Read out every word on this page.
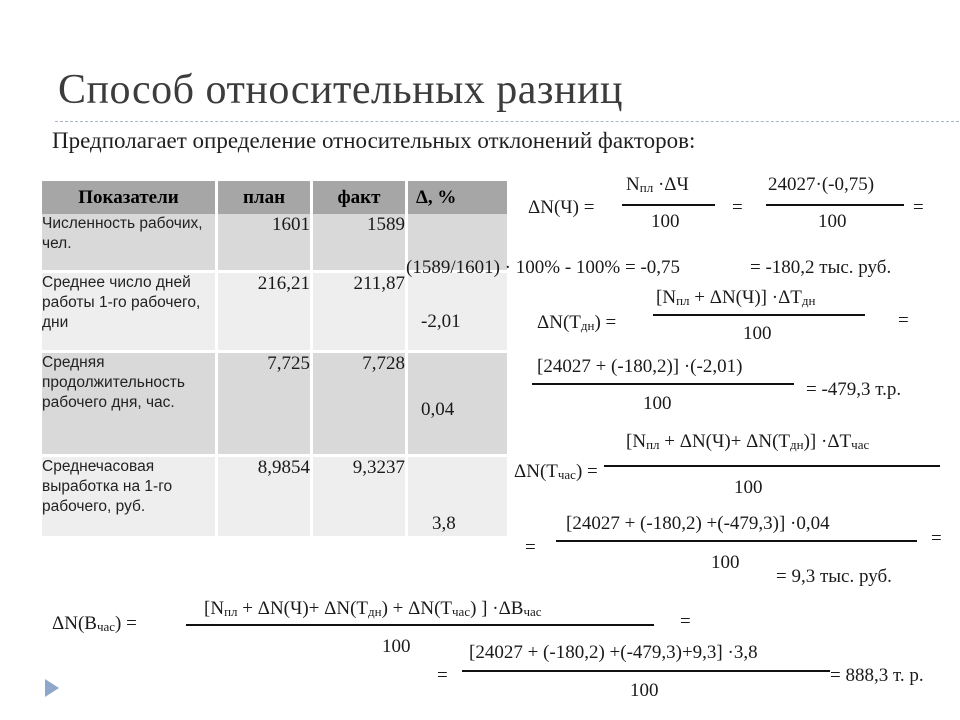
Способ относительных разниц
Предполагает определение относительных отклонений факторов:
Показатели	план	факт	Δ, %
Численность рабочих, чел.	1601	1589	
Среднее число дней работы 1-го рабочего, дни	216,21	211,87	-2,01

Средняя продолжительность рабочего дня, час.	7,725	7,728	0,04

Среднечасовая выработка на 1-го рабочего, руб.	8,9854	9,3237	3,8
(1589/1601) · 100% - 100% = -0,75
ΔN(Ч) =
$N_{пл} \cdot\Delta Ч$
100
=
24027·(-0,75)
100
=
= -180,2 тыс. руб.
$\Delta N(Т_{дн})$ =
$[N_{пл} + \Delta N(Ч)] \cdot\Delta Т_{дн}$
100
=
[24027 + (-180,2)] ·(-2,01)
100
= -479,3 т.р.
$\Delta N(Т_{час})$ =
$[N_{пл} + \Delta N(Ч)+ \Delta N(Т_{дн})] \cdot\Delta Т_{час}$
100
=
[24027 + (-180,2) +(-479,3)] ·0,04
100
=
= 9,3 тыс. руб.
$\Delta N(В_{час})$ =
[$N_{пл} + \Delta N(Ч)+ \Delta N(Т_{дн}) + \Delta N(Т_{час})$ ] $\cdot\Delta В_{час}$
100
=
=
[24027 + (-180,2) +(-479,3)+9,3] ·3,8
100
= 888,3 т. р.
